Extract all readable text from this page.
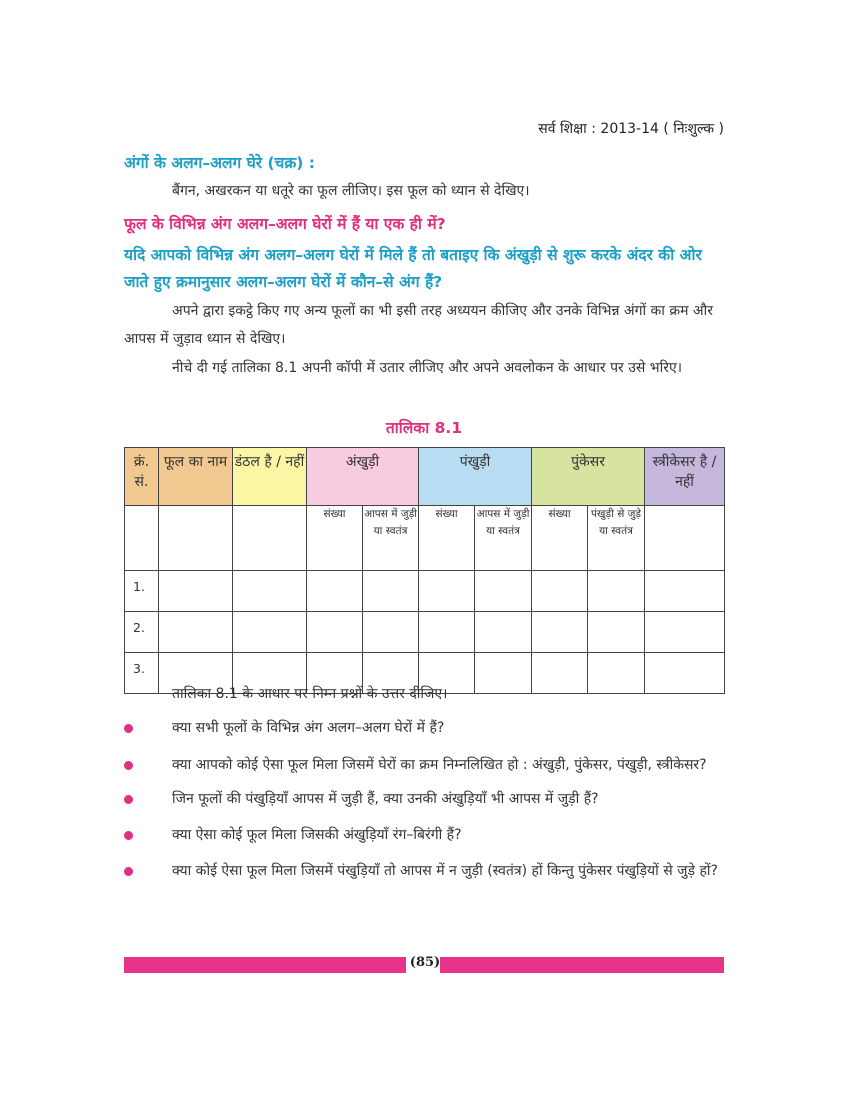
सर्व शिक्षा : 2013-14 ( निःशुल्क )
अंगों के अलग–अलग घेरे (चक्र) :
बैंगन, अखरकन या धतूरे का फूल लीजिए। इस फूल को ध्यान से देखिए।
फूल के विभिन्न अंग अलग–अलग घेरों में हैं या एक ही में?
यदि आपको विभिन्न अंग अलग–अलग घेरों में मिले हैं तो बताइए कि अंखुड़ी से शुरू करके अंदर की ओर जाते हुए क्रमानुसार अलग–अलग घेरों में कौन–से अंग हैं?
अपने द्वारा इकट्ठे किए गए अन्य फूलों का भी इसी तरह अध्ययन कीजिए और उनके विभिन्न अंगों का क्रम और आपस में जुड़ाव ध्यान से देखिए।
नीचे दी गई तालिका 8.1 अपनी कॉपी में उतार लीजिए और अपने अवलोकन के आधार पर उसे भरिए।
तालिका 8.1
क्रं. सं.	फूल का नाम	डंठल है / नहीं	अंखुड़ी		पंखुड़ी		पुंकेसर		स्त्रीकेसर है / नहीं
			संख्या	आपस में जुड़ी या स्वतंत्र	संख्या	आपस में जुड़ी या स्वतंत्र	संख्या	पंखुड़ी से जुड़े या स्वतंत्र	
1.									
2.									
3.									
तालिका 8.1 के आधार पर निम्न प्रश्नों के उत्तर दीजिए।
क्या सभी फूलों के विभिन्न अंग अलग–अलग घेरों में हैं?
क्या आपको कोई ऐसा फूल मिला जिसमें घेरों का क्रम निम्नलिखित हो : अंखुड़ी, पुंकेसर, पंखुड़ी, स्त्रीकेसर?
जिन फूलों की पंखुड़ियाँ आपस में जुड़ी हैं, क्या उनकी अंखुड़ियाँ भी आपस में जुड़ी हैं?
क्या ऐसा कोई फूल मिला जिसकी अंखुड़ियाँ रंग–बिरंगी हैं?
क्या कोई ऐसा फूल मिला जिसमें पंखुड़ियाँ तो आपस में न जुड़ी (स्वतंत्र) हों किन्तु पुंकेसर पंखुड़ियों से जुड़े हों?
(85)
